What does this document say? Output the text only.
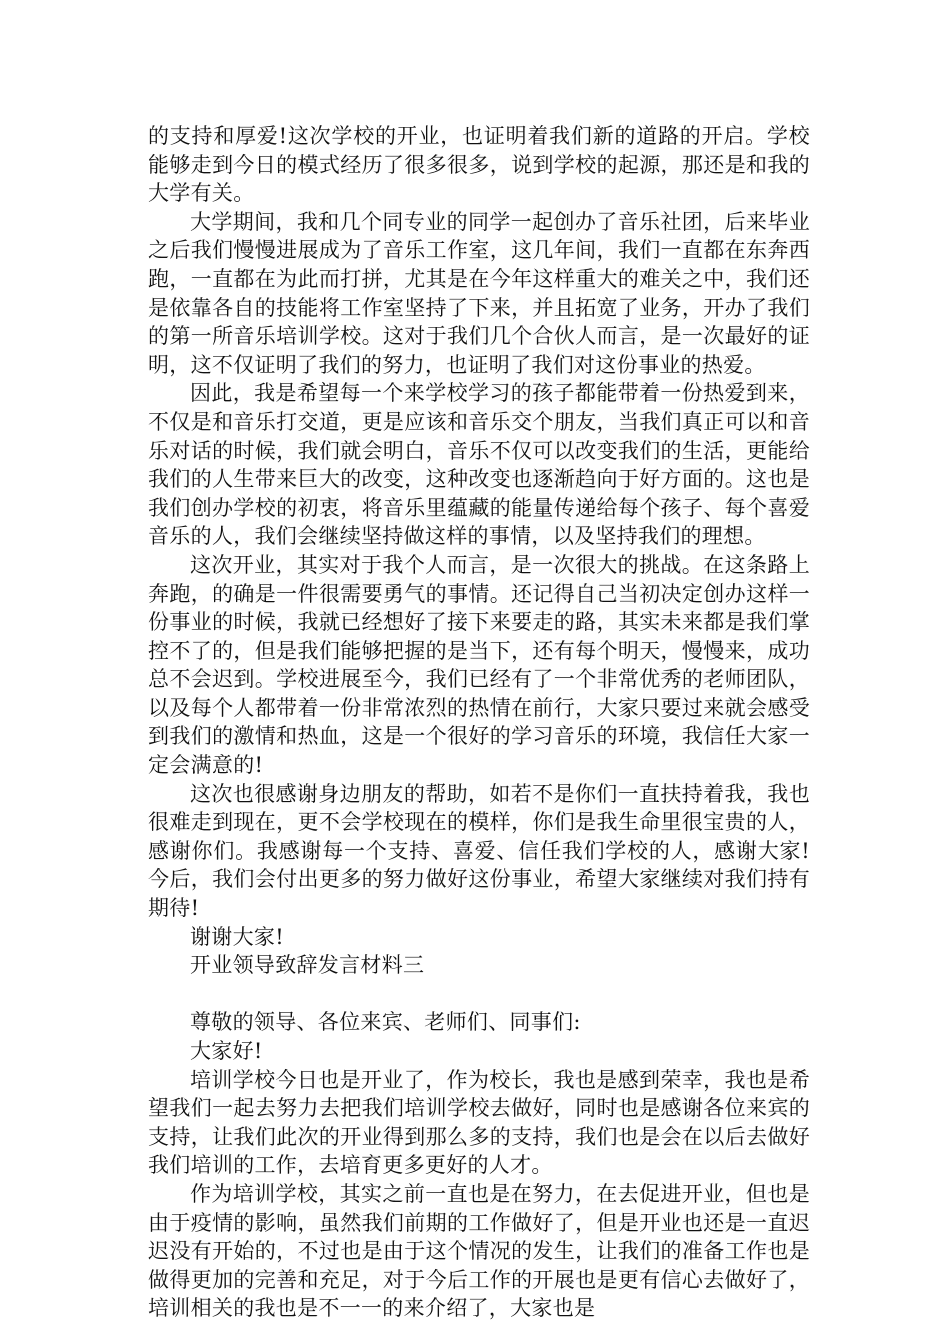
的支持和厚爱!这次学校的开业，也证明着我们新的道路的开启。学校能够走到今日的模式经历了很多很多，说到学校的起源，那还是和我的大学有关。

大学期间，我和几个同专业的同学一起创办了音乐社团，后来毕业之后我们慢慢进展成为了音乐工作室，这几年间，我们一直都在东奔西跑，一直都在为此而打拼，尤其是在今年这样重大的难关之中，我们还是依靠各自的技能将工作室坚持了下来，并且拓宽了业务，开办了我们的第一所音乐培训学校。这对于我们几个合伙人而言，是一次最好的证明，这不仅证明了我们的努力，也证明了我们对这份事业的热爱。

因此，我是希望每一个来学校学习的孩子都能带着一份热爱到来，不仅是和音乐打交道，更是应该和音乐交个朋友，当我们真正可以和音乐对话的时候，我们就会明白，音乐不仅可以改变我们的生活，更能给我们的人生带来巨大的改变，这种改变也逐渐趋向于好方面的。这也是我们创办学校的初衷，将音乐里蕴藏的能量传递给每个孩子、每个喜爱音乐的人，我们会继续坚持做这样的事情，以及坚持我们的理想。

这次开业，其实对于我个人而言，是一次很大的挑战。在这条路上奔跑，的确是一件很需要勇气的事情。还记得自己当初决定创办这样一份事业的时候，我就已经想好了接下来要走的路，其实未来都是我们掌控不了的，但是我们能够把握的是当下，还有每个明天，慢慢来，成功总不会迟到。学校进展至今，我们已经有了一个非常优秀的老师团队，以及每个人都带着一份非常浓烈的热情在前行，大家只要过来就会感受到我们的激情和热血，这是一个很好的学习音乐的环境，我信任大家一定会满意的!

这次也很感谢身边朋友的帮助，如若不是你们一直扶持着我，我也很难走到现在，更不会学校现在的模样，你们是我生命里很宝贵的人，感谢你们。我感谢每一个支持、喜爱、信任我们学校的人，感谢大家!今后，我们会付出更多的努力做好这份事业，希望大家继续对我们持有期待!

谢谢大家!

开业领导致辞发言材料三

尊敬的领导、各位来宾、老师们、同事们:

大家好!

培训学校今日也是开业了，作为校长，我也是感到荣幸，我也是希望我们一起去努力去把我们培训学校去做好，同时也是感谢各位来宾的支持，让我们此次的开业得到那么多的支持，我们也是会在以后去做好我们培训的工作，去培育更多更好的人才。

作为培训学校，其实之前一直也是在努力，在去促进开业，但也是由于疫情的影响，虽然我们前期的工作做好了，但是开业也还是一直迟迟没有开始的，不过也是由于这个情况的发生，让我们的准备工作也是做得更加的完善和充足，对于今后工作的开展也是更有信心去做好了，培训相关的我也是不一一的来介绍了，大家也是
